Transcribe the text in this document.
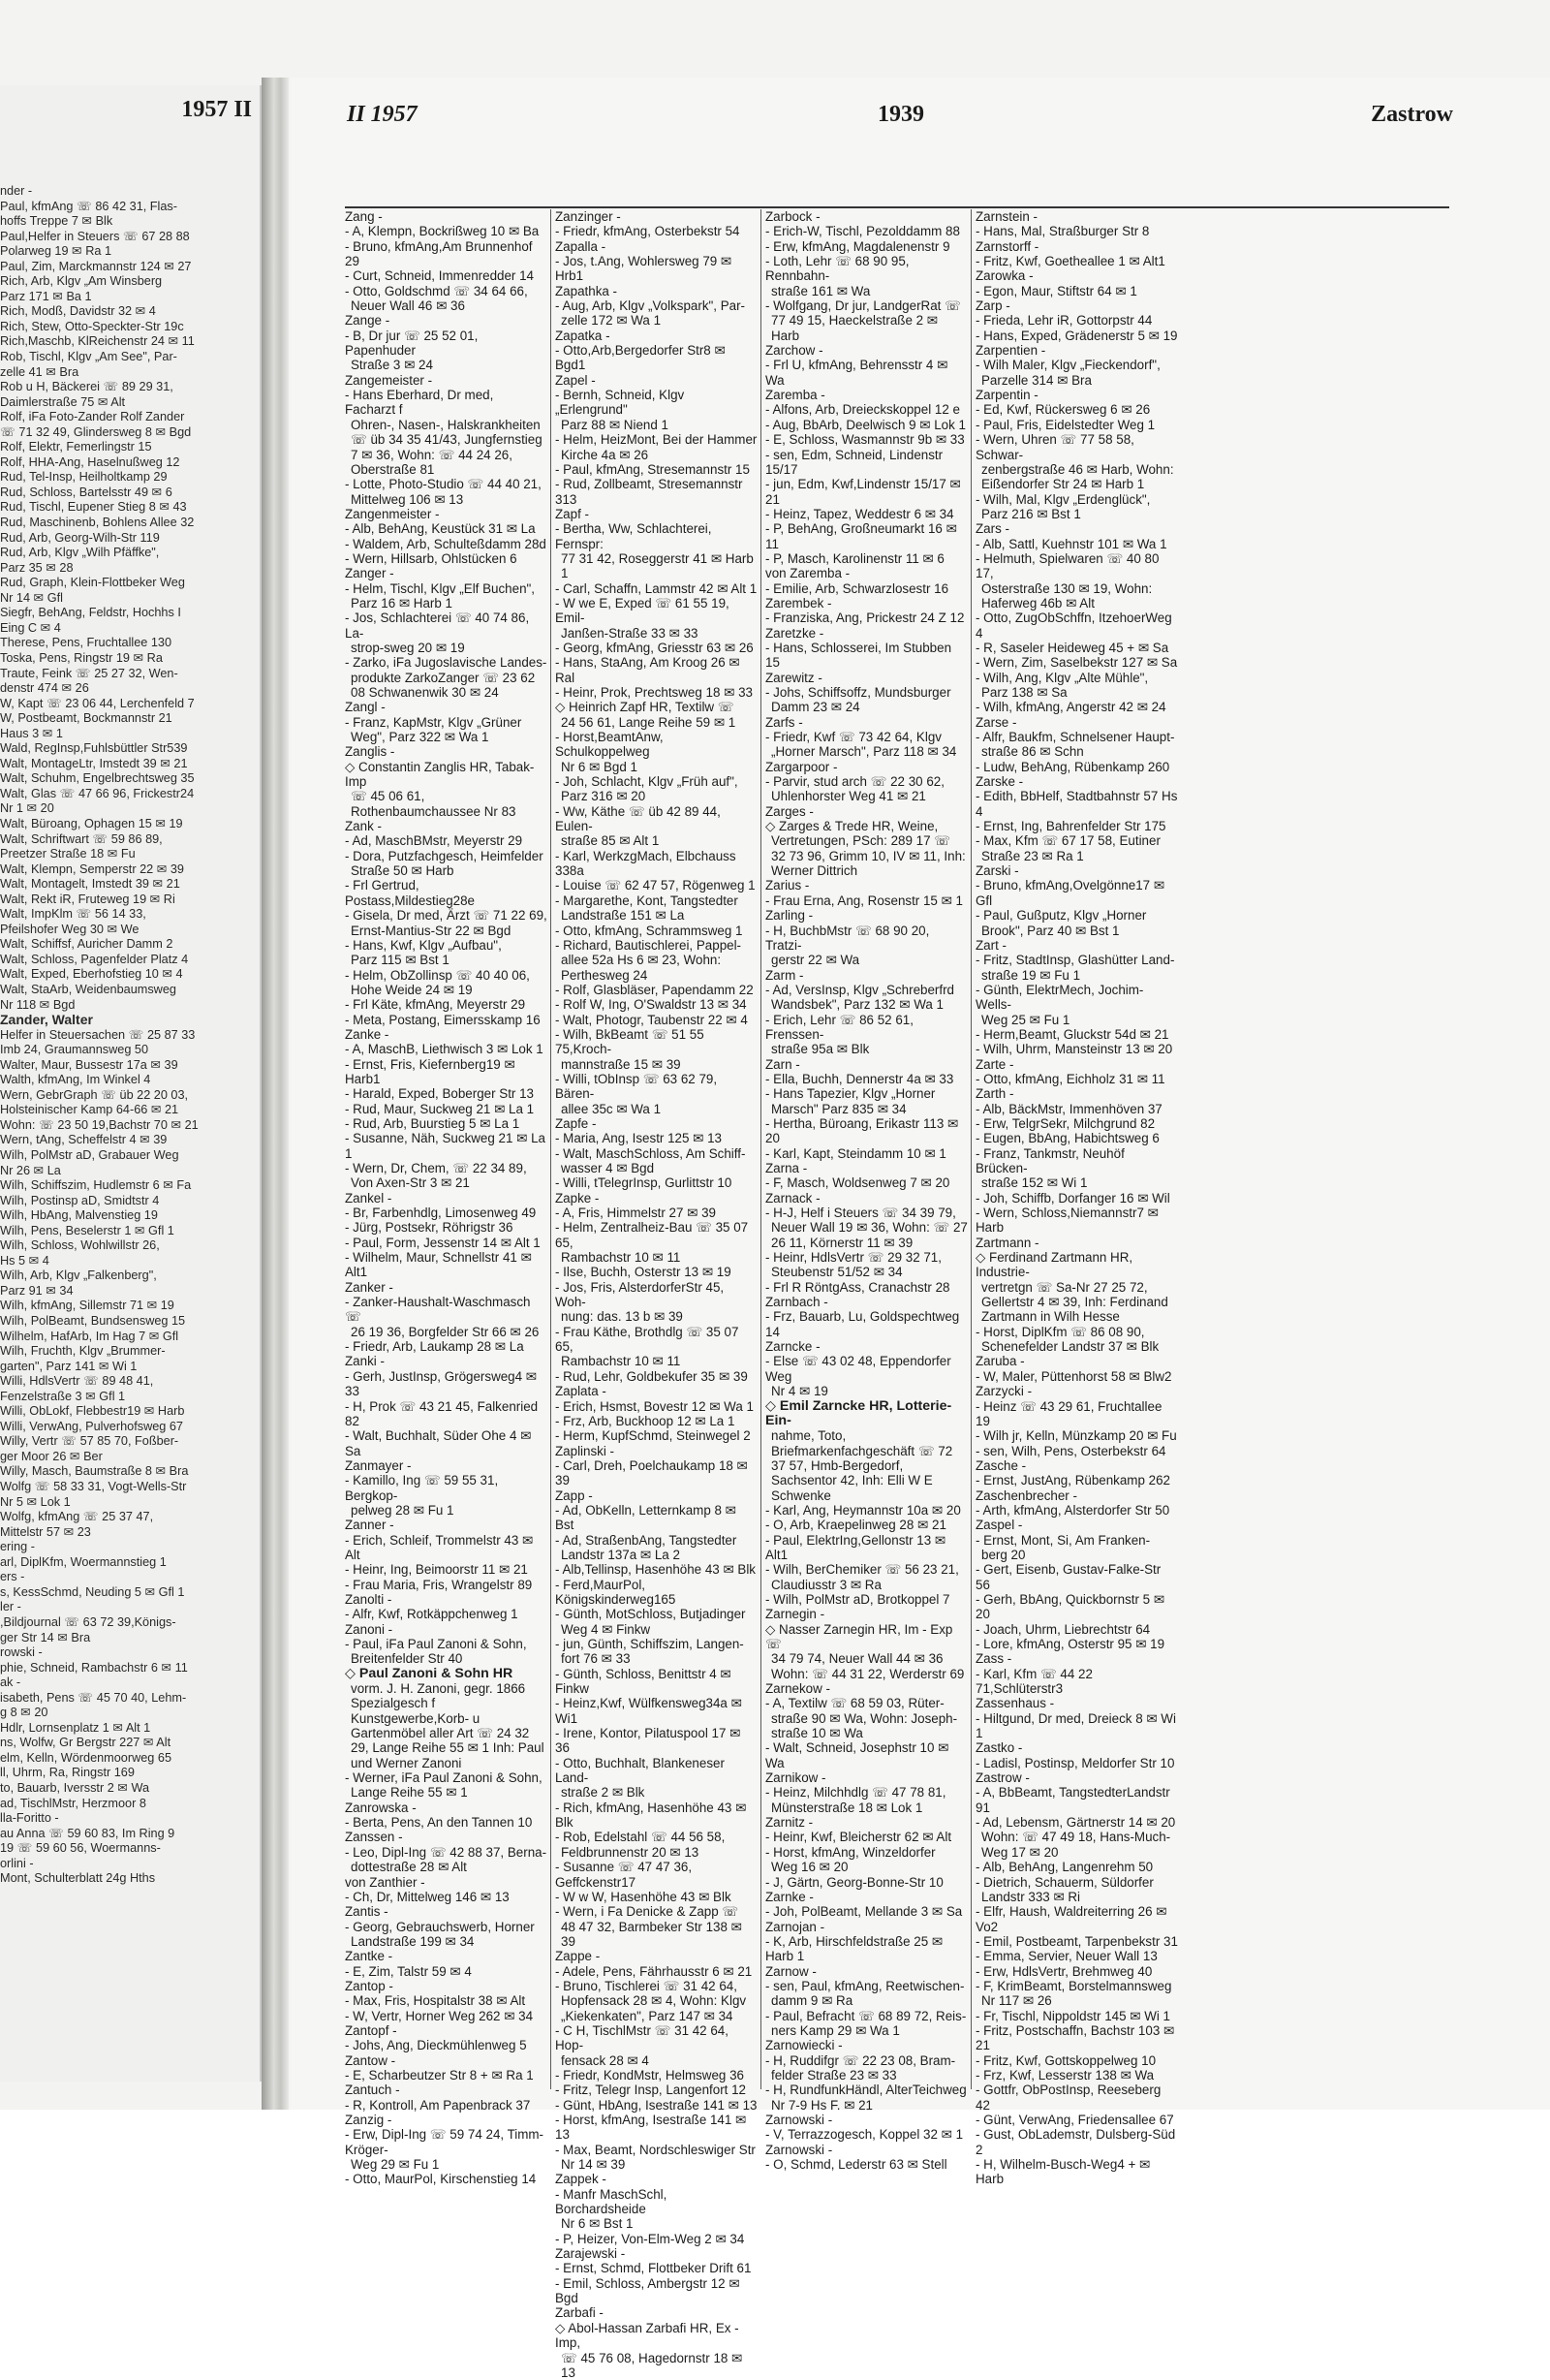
1957 II
nder -
Paul, kfmAng ☏ 86 42 31, Flas-
hoffs Treppe 7 ✉ Blk
Paul,Helfer in Steuers ☏ 67 28 88
Polarweg 19 ✉ Ra 1
Paul, Zim, Marckmannstr 124 ✉ 27
Rich, Arb, Klgv „Am Winsberg
Parz 171 ✉ Ba 1
Rich, Modß, Davidstr 32 ✉ 4
Rich, Stew, Otto-Speckter-Str 19c
Rich,Maschb, KlReichenstr 24 ✉ 11
Rob, Tischl, Klgv „Am See", Par-
zelle 41 ✉ Bra
Rob u H, Bäckerei ☏ 89 29 31,
Daimlerstraße 75 ✉ Alt
Rolf, iFa Foto-Zander Rolf Zander
☏ 71 32 49, Glindersweg 8 ✉ Bgd
Rolf, Elektr, Femerlingstr 15
Rolf, HHA-Ang, Haselnußweg 12
Rud, Tel-Insp, Heilholtkamp 29
Rud, Schloss, Bartelsstr 49 ✉ 6
Rud, Tischl, Eupener Stieg 8 ✉ 43
Rud, Maschinenb, Bohlens Allee 32
Rud, Arb, Georg-Wilh-Str 119
Rud, Arb, Klgv „Wilh Pfäffke",
Parz 35 ✉ 28
Rud, Graph, Klein-Flottbeker Weg
Nr 14 ✉ Gfl
Siegfr, BehAng, Feldstr, Hochhs I
Eing C ✉ 4
Therese, Pens, Fruchtallee 130
Toska, Pens, Ringstr 19 ✉ Ra
Traute, Feink ☏ 25 27 32, Wen-
denstr 474 ✉ 26
W, Kapt ☏ 23 06 44, Lerchenfeld 7
W, Postbeamt, Bockmannstr 21
Haus 3 ✉ 1
Wald, RegInsp,Fuhlsbüttler Str539
Walt, MontageLtr, Imstedt 39 ✉ 21
Walt, Schuhm, Engelbrechtsweg 35
Walt, Glas ☏ 47 66 96, Frickestr24
Nr 1 ✉ 20
Walt, Büroang, Ophagen 15 ✉ 19
Walt, Schriftwart ☏ 59 86 89,
Preetzer Straße 18 ✉ Fu
Walt, Klempn, Semperstr 22 ✉ 39
Walt, Montagelt, Imstedt 39 ✉ 21
Walt, Rekt iR, Fruteweg 19 ✉ Ri
Walt, ImpKlm ☏ 56 14 33,
Pfeilshofer Weg 30 ✉ We
Walt, Schiffsf, Auricher Damm 2
Walt, Schloss, Pagenfelder Platz 4
Walt, Exped, Eberhofstieg 10 ✉ 4
Walt, StaArb, Weidenbaumsweg
Nr 118 ✉ Bgd
Zander, Walter
Helfer in Steuersachen ☏ 25 87 33
Imb 24, Graumannsweg 50
Walter, Maur, Bussestr 17a ✉ 39
Walth, kfmAng, Im Winkel 4
Wern, GebrGraph ☏ üb 22 20 03,
Holsteinischer Kamp 64-66 ✉ 21
Wohn: ☏ 23 50 19,Bachstr 70 ✉ 21
Wern, tAng, Scheffelstr 4 ✉ 39
Wilh, PolMstr aD, Grabauer Weg
Nr 26 ✉ La
Wilh, Schiffszim, Hudlemstr 6 ✉ Fa
Wilh, Postinsp aD, Smidtstr 4
Wilh, HbAng, Malvenstieg 19
Wilh, Pens, Beselerstr 1 ✉ Gfl 1
Wilh, Schloss, Wohlwillstr 26,
Hs 5 ✉ 4
Wilh, Arb, Klgv „Falkenberg",
Parz 91 ✉ 34
Wilh, kfmAng, Sillemstr 71 ✉ 19
Wilh, PolBeamt, Bundsensweg 15
Wilhelm, HafArb, Im Hag 7 ✉ Gfl
Wilh, Fruchth, Klgv „Brummer-
garten", Parz 141 ✉ Wi 1
Willi, HdlsVertr ☏ 89 48 41,
Fenzelstraße 3 ✉ Gfl 1
Willi, ObLokf, Flebbestr19 ✉ Harb
Willi, VerwAng, Pulverhofsweg 67
Willy, Vertr ☏ 57 85 70, Foßber-
ger Moor 26 ✉ Ber
Willy, Masch, Baumstraße 8 ✉ Bra
Wolfg ☏ 58 33 31, Vogt-Wells-Str
Nr 5 ✉ Lok 1
Wolfg, kfmAng ☏ 25 37 47,
Mittelstr 57 ✉ 23
ering -
arl, DiplKfm, Woermannstieg 1
ers -
s, KessSchmd, Neuding 5 ✉ Gfl 1
ler -
,Bildjournal ☏ 63 72 39,Königs-
ger Str 14 ✉ Bra
rowski -
phie, Schneid, Rambachstr 6 ✉ 11
ak -
isabeth, Pens ☏ 45 70 40, Lehm-
g 8 ✉ 20
Hdlr, Lornsenplatz 1 ✉ Alt 1
ns, Wolfw, Gr Bergstr 227 ✉ Alt
elm, Kelln, Wördenmoorweg 65
ll, Uhrm, Ra, Ringstr 169
to, Bauarb, Iversstr 2 ✉ Wa
ad, TischlMstr, Herzmoor 8
lla-Foritto -
au Anna ☏ 59 60 83, Im Ring 9
19 ☏ 59 60 56, Woermanns-
orlini -
Mont, Schulterblatt 24g Hths
II 1957	1939	Zastrow
Zang -
- A, Klempn, Bockrißweg 10 ✉ Ba
- Bruno, kfmAng,Am Brunnenhof 29
- Curt, Schneid, Immenredder 14
- Otto, Goldschmd ☏ 34 64 66,
Neuer Wall 46 ✉ 36
Zange -
- B, Dr jur ☏ 25 52 01, Papenhuder
Straße 3 ✉ 24
Zangemeister -
- Hans Eberhard, Dr med, Facharzt f
Ohren-, Nasen-, Halskrankheiten ☏ üb 34 35 41/43, Jungfernstieg 7 ✉ 36, Wohn: ☏ 44 24 26, Oberstraße 81
- Lotte, Photo-Studio ☏ 44 40 21,
Mittelweg 106 ✉ 13
Zangenmeister -
- Alb, BehAng, Keustück 31 ✉ La
- Waldem, Arb, Schulteßdamm 28d
- Wern, Hillsarb, Ohlstücken 6
Zanger -
- Helm, Tischl, Klgv „Elf Buchen",
Parz 16 ✉ Harb 1
- Jos, Schlachterei ☏ 40 74 86, La-
strop-sweg 20 ✉ 19
- Zarko, iFa Jugoslavische Landes-
produkte ZarkoZanger ☏ 23 62 08 Schwanenwik 30 ✉ 24
Zangl -
- Franz, KapMstr, Klgv „Grüner
Weg", Parz 322 ✉ Wa 1
Zanglis -
◇ Constantin Zanglis HR, Tabak-Imp
☏ 45 06 61, Rothenbaumchaussee Nr 83
Zank -
- Ad, MaschBMstr, Meyerstr 29
- Dora, Putzfachgesch, Heimfelder
Straße 50 ✉ Harb
- Frl Gertrud, Postass,Mildestieg28e
- Gisela, Dr med, Ärzt ☏ 71 22 69,
Ernst-Mantius-Str 22 ✉ Bgd
- Hans, Kwf, Klgv „Aufbau",
Parz 115 ✉ Bst 1
- Helm, ObZollinsp ☏ 40 40 06,
Hohe Weide 24 ✉ 19
- Frl Käte, kfmAng, Meyerstr 29
- Meta, Postang, Eimersskamp 16
Zanke -
- A, MaschB, Liethwisch 3 ✉ Lok 1
- Ernst, Fris, Kiefernberg19 ✉ Harb1
- Harald, Exped, Boberger Str 13
- Rud, Maur, Suckweg 21 ✉ La 1
- Rud, Arb, Buurstieg 5 ✉ La 1
- Susanne, Näh, Suckweg 21 ✉ La 1
- Wern, Dr, Chem, ☏ 22 34 89,
Von Axen-Str 3 ✉ 21
Zankel -
- Br, Farbenhdlg, Limosenweg 49
- Jürg, Postsekr, Röhrigstr 36
- Paul, Form, Jessenstr 14 ✉ Alt 1
- Wilhelm, Maur, Schnellstr 41 ✉ Alt1
Zanker -
- Zanker-Haushalt-Waschmasch ☏
26 19 36, Borgfelder Str 66 ✉ 26
- Friedr, Arb, Laukamp 28 ✉ La
Zanki -
- Gerh, JustInsp, Grögersweg4 ✉ 33
- H, Prok ☏ 43 21 45, Falkenried 82
- Walt, Buchhalt, Süder Ohe 4 ✉ Sa
Zanmayer -
- Kamillo, Ing ☏ 59 55 31, Bergkop-
pelweg 28 ✉ Fu 1
Zanner -
- Erich, Schleif, Trommelstr 43 ✉ Alt
- Heinr, Ing, Beimoorstr 11 ✉ 21
- Frau Maria, Fris, Wrangelstr 89
Zanolti -
- Alfr, Kwf, Rotkäppchenweg 1
Zanoni -
- Paul, iFa Paul Zanoni & Sohn,
Breitenfelder Str 40
◇ Paul Zanoni & Sohn HR
vorm. J. H. Zanoni, gegr. 1866 Spezialgesch f Kunstgewerbe,Korb- u Gartenmöbel aller Art ☏ 24 32 29, Lange Reihe 55 ✉ 1 Inh: Paul und Werner Zanoni
- Werner, iFa Paul Zanoni & Sohn,
Lange Reihe 55 ✉ 1
Zanrowska -
- Berta, Pens, An den Tannen 10
Zanssen -
- Leo, Dipl-Ing ☏ 42 88 37, Berna-
dottestraße 28 ✉ Alt
von Zanthier -
- Ch, Dr, Mittelweg 146 ✉ 13
Zantis -
- Georg, Gebrauchswerb, Horner
Landstraße 199 ✉ 34
Zantke -
- E, Zim, Talstr 59 ✉ 4
Zantop -
- Max, Fris, Hospitalstr 38 ✉ Alt
- W, Vertr, Horner Weg 262 ✉ 34
Zantopf -
- Johs, Ang, Dieckmühlenweg 5
Zantow -
- E, Scharbeutzer Str 8 + ✉ Ra 1
Zantuch -
- R, Kontroll, Am Papenbrack 37
Zanzig -
- Erw, Dipl-Ing ☏ 59 74 24, Timm-Kröger-
Weg 29 ✉ Fu 1
- Otto, MaurPol, Kirschenstieg 14
Zanzinger -
- Friedr, kfmAng, Osterbekstr 54
Zapalla -
- Jos, t.Ang, Wohlersweg 79 ✉ Hrb1
Zapathka -
- Aug, Arb, Klgv „Volkspark", Par-
zelle 172 ✉ Wa 1
Zapatka -
- Otto,Arb,Bergedorfer Str8 ✉ Bgd1
Zapel -
- Bernh, Schneid, Klgv „Erlengrund"
Parz 88 ✉ Niend 1
- Helm, HeizMont, Bei der Hammer
Kirche 4a ✉ 26
- Paul, kfmAng, Stresemannstr 15
- Rud, Zollbeamt, Stresemannstr 313
Zapf -
- Bertha, Ww, Schlachterei, Fernspr:
77 31 42, Roseggerstr 41 ✉ Harb 1
- Carl, Schaffn, Lammstr 42 ✉ Alt 1
- W we E, Exped ☏ 61 55 19, Emil-
Janßen-Straße 33 ✉ 33
- Georg, kfmAng, Griesstr 63 ✉ 26
- Hans, StaAng, Am Kroog 26 ✉ Ral
- Heinr, Prok, Prechtsweg 18 ✉ 33
◇ Heinrich Zapf HR, Textilw ☏
24 56 61, Lange Reihe 59 ✉ 1
- Horst,BeamtAnw, Schulkoppelweg
Nr 6 ✉ Bgd 1
- Joh, Schlacht, Klgv „Früh auf",
Parz 316 ✉ 20
- Ww, Käthe ☏ üb 42 89 44, Eulen-
straße 85 ✉ Alt 1
- Karl, WerkzgMach, Elbchauss 338a
- Louise ☏ 62 47 57, Rögenweg 1
- Margarethe, Kont, Tangstedter
Landstraße 151 ✉ La
- Otto, kfmAng, Schrammsweg 1
- Richard, Bautischlerei, Pappel-
allee 52a Hs 6 ✉ 23, Wohn: Perthesweg 24
- Rolf, Glasbläser, Papendamm 22
- Rolf W, Ing, O'Swaldstr 13 ✉ 34
- Walt, Photogr, Taubenstr 22 ✉ 4
- Wilh, BkBeamt ☏ 51 55 75,Kroch-
mannstraße 15 ✉ 39
- Willi, tObInsp ☏ 63 62 79, Bären-
allee 35c ✉ Wa 1
Zapfe -
- Maria, Ang, Isestr 125 ✉ 13
- Walt, MaschSchloss, Am Schiff-
wasser 4 ✉ Bgd
- Willi, tTelegrInsp, Gurlittstr 10
Zapke -
- A, Fris, Himmelstr 27 ✉ 39
- Helm, Zentralheiz-Bau ☏ 35 07 65,
Rambachstr 10 ✉ 11
- Ilse, Buchh, Osterstr 13 ✉ 19
- Jos, Fris, AlsterdorferStr 45, Woh-
nung: das. 13 b ✉ 39
- Frau Käthe, Brothdlg ☏ 35 07 65,
Rambachstr 10 ✉ 11
- Rud, Lehr, Goldbekufer 35 ✉ 39
Zaplata -
- Erich, Hsmst, Bovestr 12 ✉ Wa 1
- Frz, Arb, Buckhoop 12 ✉ La 1
- Herm, KupfSchmd, Steinwegel 2
Zaplinski -
- Carl, Dreh, Poelchaukamp 18 ✉ 39
Zapp -
- Ad, ObKelln, Letternkamp 8 ✉ Bst
- Ad, StraßenbAng, Tangstedter
Landstr 137a ✉ La 2
- Alb,Tellinsp, Hasenhöhe 43 ✉ Blk
- Ferd,MaurPol, Königskinderweg165
- Günth, MotSchloss, Butjadinger
Weg 4 ✉ Finkw
- jun, Günth, Schiffszim, Langen-
fort 76 ✉ 33
- Günth, Schloss, Benittstr 4 ✉ Finkw
- Heinz,Kwf, Wülfkensweg34a ✉ Wi1
- Irene, Kontor, Pilatuspool 17 ✉ 36
- Otto, Buchhalt, Blankeneser Land-
straße 2 ✉ Blk
- Rich, kfmAng, Hasenhöhe 43 ✉ Blk
- Rob, Edelstahl ☏ 44 56 58,
Feldbrunnenstr 20 ✉ 13
- Susanne ☏ 47 47 36, Geffckenstr17
- W w W, Hasenhöhe 43 ✉ Blk
- Wern, i Fa Denicke & Zapp ☏
48 47 32, Barmbeker Str 138 ✉ 39
Zappe -
- Adele, Pens, Fährhausstr 6 ✉ 21
- Bruno, Tischlerei ☏ 31 42 64,
Hopfensack 28 ✉ 4, Wohn: Klgv „Kiekenkaten", Parz 147 ✉ 34
- C H, TischlMstr ☏ 31 42 64, Hop-
fensack 28 ✉ 4
- Friedr, KondMstr, Helmsweg 36
- Fritz, Telegr Insp, Langenfort 12
- Günt, HbAng, Isestraße 141 ✉ 13
- Horst, kfmAng, Isestraße 141 ✉ 13
- Max, Beamt, Nordschleswiger Str
Nr 14 ✉ 39
Zappek -
- Manfr MaschSchl, Borchardsheide
Nr 6 ✉ Bst 1
- P, Heizer, Von-Elm-Weg 2 ✉ 34
Zarajewski -
- Ernst, Schmd, Flottbeker Drift 61
- Emil, Schloss, Ambergstr 12 ✉ Bgd
Zarbafi -
◇ Abol-Hassan Zarbafi HR, Ex - Imp,
☏ 45 76 08, Hagedornstr 18 ✉ 13
Zarbock -
- Erich-W, Tischl, Pezolddamm 88
- Erw, kfmAng, Magdalenenstr 9
- Loth, Lehr ☏ 68 90 95, Rennbahn-
straße 161 ✉ Wa
- Wolfgang, Dr jur, LandgerRat ☏
77 49 15, Haeckelstraße 2 ✉ Harb
Zarchow -
- Frl U, kfmAng, Behrensstr 4 ✉ Wa
Zaremba -
- Alfons, Arb, Dreieckskoppel 12 e
- Aug, BbArb, Deelwisch 9 ✉ Lok 1
- E, Schloss, Wasmannstr 9b ✉ 33
- sen, Edm, Schneid, Lindenstr 15/17
- jun, Edm, Kwf,Lindenstr 15/17 ✉ 21
- Heinz, Tapez, Weddestr 6 ✉ 34
- P, BehAng, Großneumarkt 16 ✉ 11
- P, Masch, Karolinenstr 11 ✉ 6
von Zaremba -
- Emilie, Arb, Schwarzlosestr 16
Zarembek -
- Franziska, Ang, Prickestr 24 Z 12
Zaretzke -
- Hans, Schlosserei, Im Stubben 15
Zarewitz -
- Johs, Schiffsoffz, Mundsburger
Damm 23 ✉ 24
Zarfs -
- Friedr, Kwf ☏ 73 42 64, Klgv
„Horner Marsch", Parz 118 ✉ 34
Zargarpoor -
- Parvir, stud arch ☏ 22 30 62,
Uhlenhorster Weg 41 ✉ 21
Zarges -
◇ Zarges & Trede HR, Weine,
Vertretungen, PSch: 289 17 ☏ 32 73 96, Grimm 10, IV ✉ 11, Inh: Werner Dittrich
Zarius -
- Frau Erna, Ang, Rosenstr 15 ✉ 1
Zarling -
- H, BuchbMstr ☏ 68 90 20, Tratzi-
gerstr 22 ✉ Wa
Zarm -
- Ad, VersInsp, Klgv „Schreberfrd
Wandsbek", Parz 132 ✉ Wa 1
- Erich, Lehr ☏ 86 52 61, Frenssen-
straße 95a ✉ Blk
Zarn -
- Ella, Buchh, Dennerstr 4a ✉ 33
- Hans Tapezier, Klgv „Horner
Marsch" Parz 835 ✉ 34
- Hertha, Büroang, Erikastr 113 ✉ 20
- Karl, Kapt, Steindamm 10 ✉ 1
Zarna -
- F, Masch, Woldsenweg 7 ✉ 20
Zarnack -
- H-J, Helf i Steuers ☏ 34 39 79,
Neuer Wall 19 ✉ 36, Wohn: ☏ 27 26 11, Körnerstr 11 ✉ 39
- Heinr, HdlsVertr ☏ 29 32 71,
Steubenstr 51/52 ✉ 34
- Frl R RöntgAss, Cranachstr 28
Zarnbach -
- Frz, Bauarb, Lu, Goldspechtweg 14
Zarncke -
- Else ☏ 43 02 48, Eppendorfer Weg
Nr 4 ✉ 19
◇ Emil Zarncke HR, Lotterie-Ein-
nahme, Toto, Briefmarkenfachgeschäft ☏ 72 37 57, Hmb-Bergedorf, Sachsentor 42, Inh: Elli W E Schwenke
- Karl, Ang, Heymannstr 10a ✉ 20
- O, Arb, Kraepelinweg 28 ✉ 21
- Paul, ElektrIng,Gellonstr 13 ✉ Alt1
- Wilh, BerChemiker ☏ 56 23 21,
Claudiusstr 3 ✉ Ra
- Wilh, PolMstr aD, Brotkoppel 7
Zarnegin -
◇ Nasser Zarnegin HR, Im - Exp ☏
34 79 74, Neuer Wall 44 ✉ 36 Wohn: ☏ 44 31 22, Werderstr 69
Zarnekow -
- A, Textilw ☏ 68 59 03, Rüter-
straße 90 ✉ Wa, Wohn: Joseph-straße 10 ✉ Wa
- Walt, Schneid, Josephstr 10 ✉ Wa
Zarnikow -
- Heinz, Milchhdlg ☏ 47 78 81,
Münsterstraße 18 ✉ Lok 1
Zarnitz -
- Heinr, Kwf, Bleicherstr 62 ✉ Alt
- Horst, kfmAng, Winzeldorfer
Weg 16 ✉ 20
- J, Gärtn, Georg-Bonne-Str 10
Zarnke -
- Joh, PolBeamt, Mellande 3 ✉ Sa
Zarnojan -
- K, Arb, Hirschfeldstraße 25 ✉ Harb 1
Zarnow -
- sen, Paul, kfmAng, Reetwischen-
damm 9 ✉ Ra
- Paul, Befracht ☏ 68 89 72, Reis-
ners Kamp 29 ✉ Wa 1
Zarnowiecki -
- H, Ruddifgr ☏ 22 23 08, Bram-
felder Straße 23 ✉ 33
- H, RundfunkHändl, AlterTeichweg
Nr 7-9 Hs F. ✉ 21
Zarnowski -
- V, Terrazzogesch, Koppel 32 ✉ 1
Zarnowski -
- O, Schmd, Lederstr 63 ✉ Stell
Zarnstein -
- Hans, Mal, Straßburger Str 8
Zarnstorff -
- Fritz, Kwf, Goetheallee 1 ✉ Alt1
Zarowka -
- Egon, Maur, Stiftstr 64 ✉ 1
Zarp -
- Frieda, Lehr iR, Gottorpstr 44
- Hans, Exped, Grädenerstr 5 ✉ 19
Zarpentien -
- Wilh Maler, Klgv „Fieckendorf",
Parzelle 314 ✉ Bra
Zarpentin -
- Ed, Kwf, Rückersweg 6 ✉ 26
- Paul, Fris, Eidelstedter Weg 1
- Wern, Uhren ☏ 77 58 58, Schwar-
zenbergstraße 46 ✉ Harb, Wohn: Eißendorfer Str 24 ✉ Harb 1
- Wilh, Mal, Klgv „Erdenglück",
Parz 216 ✉ Bst 1
Zars -
- Alb, Sattl, Kuehnstr 101 ✉ Wa 1
- Helmuth, Spielwaren ☏ 40 80 17,
Osterstraße 130 ✉ 19, Wohn: Haferweg 46b ✉ Alt
- Otto, ZugObSchffn, ItzehoerWeg 4
- R, Saseler Heideweg 45 + ✉ Sa
- Wern, Zim, Saselbekstr 127 ✉ Sa
- Wilh, Ang, Klgv „Alte Mühle",
Parz 138 ✉ Sa
- Wilh, kfmAng, Angerstr 42 ✉ 24
Zarse -
- Alfr, Baukfm, Schnelsener Haupt-
straße 86 ✉ Schn
- Ludw, BehAng, Rübenkamp 260
Zarske -
- Edith, BbHelf, Stadtbahnstr 57 Hs 4
- Ernst, Ing, Bahrenfelder Str 175
- Max, Kfm ☏ 67 17 58, Eutiner
Straße 23 ✉ Ra 1
Zarski -
- Bruno, kfmAng,Ovelgönne17 ✉ Gfl
- Paul, Gußputz, Klgv „Horner
Brook", Parz 40 ✉ Bst 1
Zart -
- Fritz, StadtInsp, Glashütter Land-
straße 19 ✉ Fu 1
- Günth, ElektrMech, Jochim-Wells-
Weg 25 ✉ Fu 1
- Herm,Beamt, Gluckstr 54d ✉ 21
- Wilh, Uhrm, Mansteinstr 13 ✉ 20
Zarte -
- Otto, kfmAng, Eichholz 31 ✉ 11
Zarth -
- Alb, BäckMstr, Immenhöven 37
- Erw, TelgrSekr, Milchgrund 82
- Eugen, BbAng, Habichtsweg 6
- Franz, Tankmstr, Neuhöf Brücken-
straße 152 ✉ Wi 1
- Joh, Schiffb, Dorfanger 16 ✉ Wil
- Wern, Schloss,Niemannstr7 ✉ Harb
Zartmann -
◇ Ferdinand Zartmann HR, Industrie-
vertretgn ☏ Sa-Nr 27 25 72, Gellertstr 4 ✉ 39, Inh: Ferdinand Zartmann in Wilh Hesse
- Horst, DiplKfm ☏ 86 08 90,
Schenefelder Landstr 37 ✉ Blk
Zaruba -
- W, Maler, Püttenhorst 58 ✉ Blw2
Zarzycki -
- Heinz ☏ 43 29 61, Fruchtallee 19
- Wilh jr, Kelln, Münzkamp 20 ✉ Fu
- sen, Wilh, Pens, Osterbekstr 64
Zasche -
- Ernst, JustAng, Rübenkamp 262
Zaschenbrecher -
- Arth, kfmAng, Alsterdorfer Str 50
Zaspel -
- Ernst, Mont, Si, Am Franken-
berg 20
- Gert, Eisenb, Gustav-Falke-Str 56
- Gerh, BbAng, Quickbornstr 5 ✉ 20
- Joach, Uhrm, Liebrechtstr 64
- Lore, kfmAng, Osterstr 95 ✉ 19
Zass -
- Karl, Kfm ☏ 44 22 71,Schlüterstr3
Zassenhaus -
- Hiltgund, Dr med, Dreieck 8 ✉ Wi 1
Zastko -
- Ladisl, Postinsp, Meldorfer Str 10
Zastrow -
- A, BbBeamt, TangstedterLandstr 91
- Ad, Lebensm, Gärtnerstr 14 ✉ 20
Wohn: ☏ 47 49 18, Hans-Much-Weg 17 ✉ 20
- Alb, BehAng, Langenrehm 50
- Dietrich, Schauerm, Süldorfer
Landstr 333 ✉ Ri
- Elfr, Haush, Waldreiterring 26 ✉ Vo2
- Emil, Postbeamt, Tarpenbekstr 31
- Emma, Servier, Neuer Wall 13
- Erw, HdlsVertr, Brehmweg 40
- F, KrimBeamt, Borstelmannsweg
Nr 117 ✉ 26
- Fr, Tischl, Nippoldstr 145 ✉ Wi 1
- Fritz, Postschaffn, Bachstr 103 ✉ 21
- Fritz, Kwf, Gottskoppelweg 10
- Frz, Kwf, Lesserstr 138 ✉ Wa
- Gottfr, ObPostInsp, Reeseberg 42
- Günt, VerwAng, Friedensallee 67
- Gust, ObLademstr, Dulsberg-Süd 2
- H, Wilhelm-Busch-Weg4 + ✉ Harb
